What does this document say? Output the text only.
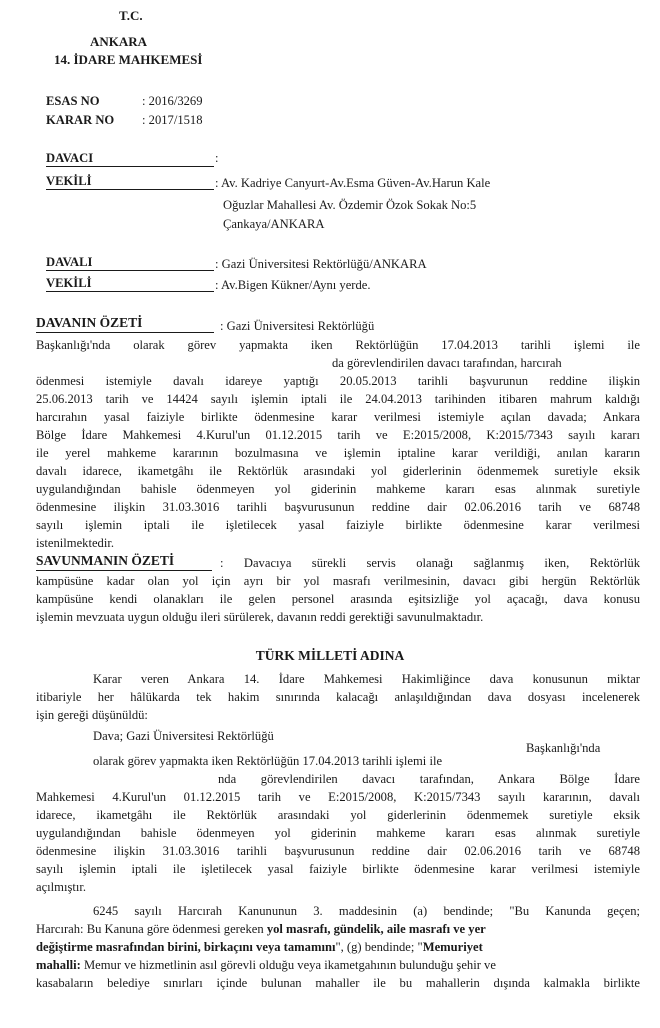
T.C.
ANKARA
14. İDARE MAHKEMESİ
ESAS NO	: 2016/3269
KARAR NO : 2017/1518
DAVACI	:
VEKİLİ	: Av. Kadriye Canyurt-Av.Esma Güven-Av.Harun Kale
Oğuzlar Mahallesi Av. Özdemir Özok Sokak No:5
Çankaya/ANKARA
DAVALI	: Gazi Üniversitesi Rektörlüğü/ANKARA
VEKİLİ	: Av.Bigen Kükner/Aynı yerde.
DAVANIN ÖZETİ	: Gazi Üniversitesi Rektörlüğü
Başkanlığı'nda olarak görev yapmakta iken Rektörlüğün 17.04.2013 tarihli işlemi ile
da görevlendirilen davacı tarafından, harcırah
ödenmesi istemiyle davalı idareye yaptığı 20.05.2013 tarihli başvurunun reddine ilişkin
25.06.2013 tarih ve 14424 sayılı işlemin iptali ile 24.04.2013 tarihinden itibaren mahrum kaldığı
harcırahın yasal faiziyle birlikte ödenmesine karar verilmesi istemiyle açılan davada; Ankara
Bölge İdare Mahkemesi 4.Kurul'un 01.12.2015 tarih ve E:2015/2008, K:2015/7343 sayılı kararı
ile yerel mahkeme kararının bozulmasına ve işlemin iptaline karar verildiği, anılan kararın
davalı idarece, ikametgâhı ile Rektörlük arasındaki yol giderlerinin ödenmemek suretiyle eksik
uygulandığından bahisle ödenmeyen yol giderinin mahkeme kararı esas alınmak suretiyle
ödenmesine ilişkin 31.03.3016 tarihli başvurusunun reddine dair 02.06.2016 tarih ve 68748
sayılı işlemin iptali ile işletilecek yasal faiziyle birlikte ödenmesine karar verilmesi
istenilmektedir.
SAVUNMANIN ÖZETİ	: Davacıya sürekli servis olanağı sağlanmış iken, Rektörlük
kampüsüne kadar olan yol için ayrı bir yol masrafı verilmesinin, davacı gibi hergün Rektörlük
kampüsüne kendi olanakları ile gelen personel arasında eşitsizliğe yol açacağı, dava konusu
işlemin mevzuata uygun olduğu ileri sürülerek, davanın reddi gerektiği savunulmaktadır.
TÜRK MİLLETİ ADINA
Karar veren Ankara 14. İdare Mahkemesi Hakimliğince dava konusunun miktar
itibariyle her hâlükarda tek hakim sınırında kalacağı anlaşıldığından dava dosyası incelenerek
işin gereği düşünüldü:
Dava; Gazi Üniversitesi Rektörlüğü
Başkanlığı'nda
olarak görev yapmakta iken Rektörlüğün 17.04.2013 tarihli işlemi ile
nda görevlendirilen davacı tarafından, Ankara Bölge İdare
Mahkemesi 4.Kurul'un 01.12.2015 tarih ve E:2015/2008, K:2015/7343 sayılı kararının, davalı
idarece, ikametgâhı ile Rektörlük arasındaki yol giderlerinin ödenmemek suretiyle eksik
uygulandığından bahisle ödenmeyen yol giderinin mahkeme kararı esas alınmak suretiyle
ödenmesine ilişkin 31.03.3016 tarihli başvurusunun reddine dair 02.06.2016 tarih ve 68748
sayılı işlemin iptali ile işletilecek yasal faiziyle birlikte ödenmesine karar verilmesi istemiyle
açılmıştır.
6245 sayılı Harcırah Kanununun 3. maddesinin (a) bendinde; "Bu Kanunda geçen;
Harcırah: Bu Kanuna göre ödenmesi gereken yol masrafı, gündelik, aile masrafı ve yer
değiştirme masrafından birini, birkaçını veya tamamını", (g) bendinde; "Memuriyet
mahalli: Memur ve hizmetlinin asıl görevli olduğu veya ikametgahının bulunduğu şehir ve
kasabaların belediye sınırları içinde bulunan mahaller ile bu mahallerin dışında kalmakla birlikte
